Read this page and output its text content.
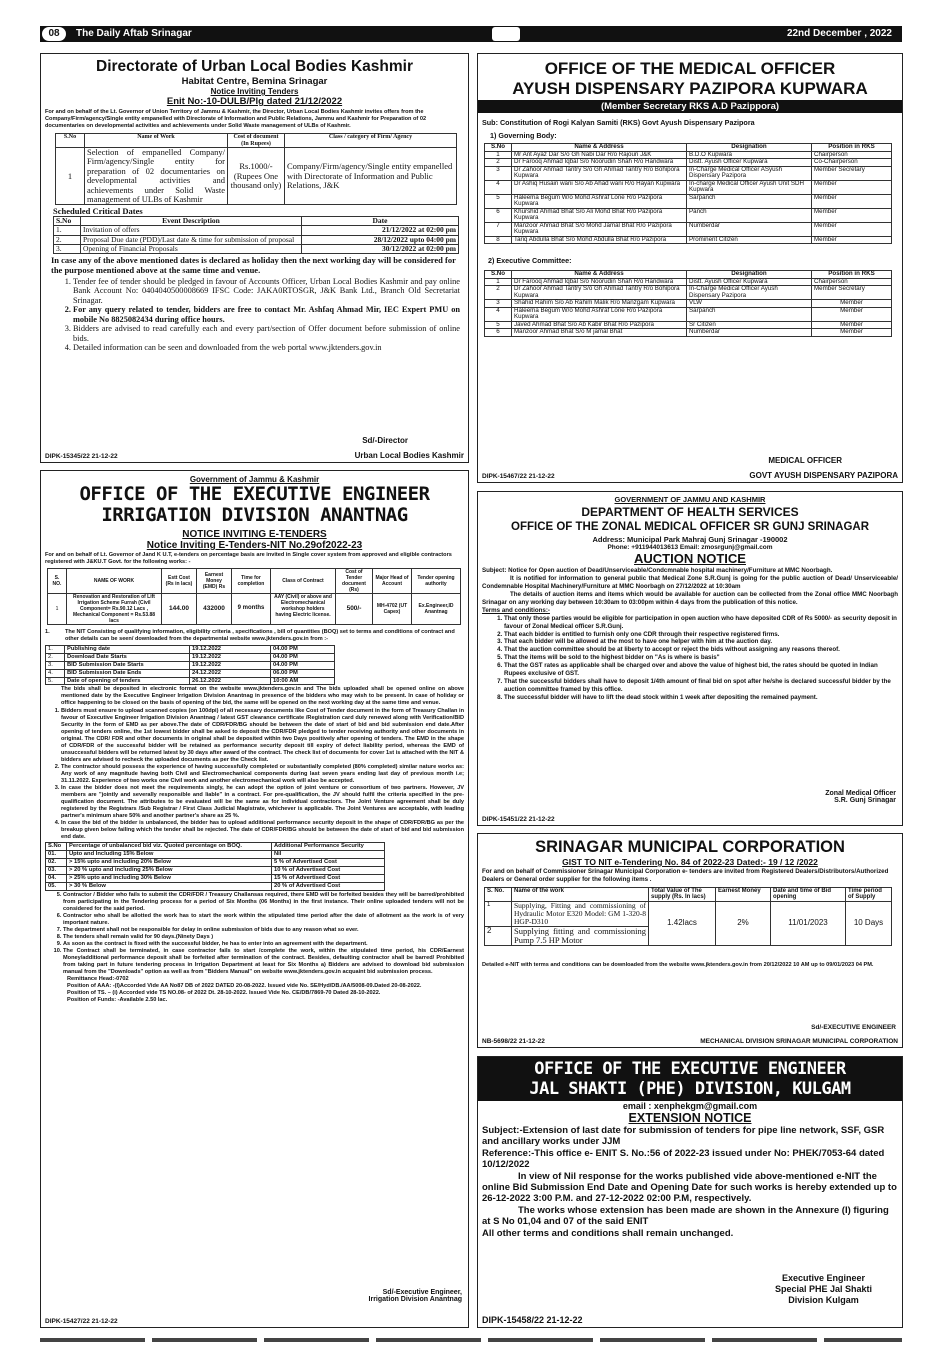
08	The Daily Aftab Srinagar	22nd December , 2022
Directorate of Urban Local Bodies Kashmir
Habitat Centre, Bemina Srinagar
Notice Inviting Tenders
Enit No:-10-DULB/Plg dated 21/12/2022

For and on behalf of the Lt. Governor of Union Territory of Jammu & Kashmir, the Director, Urban Local Bodies Kashmir invites offers from the Company/Firm/agency/Single entity empanelled with Directorate of Information and Public Relations, Jammu and Kashmir for Preparation of 02 documentaries on developmental activities and achievements under Solid Waste management of ULBs of Kashmir.

S.No	Name of Work	Cost of document (In Rupees)	Class / category of Firm/ Agency
1	Selection of empanelled Company/ Firm/agency/Single entity for preparation of 02 documentaries on developmental activities and achievements under Solid Waste management of ULBs of Kashmir	Rs.1000/- (Rupees One thousand only)	Company/Firm/agency/Single entity empanelled with Directorate of Information and Public Relations, J&K
Scheduled Critical Dates
S.No	Event Description	Date
1.	Invitation of offers	21/12/2022 at 02:00 pm
2.	Proposal Due date (PDD)/Last date & time for submission of proposal	28/12/2022 upto 04:00 pm
3.	Opening of Financial Proposals	30/12/2022 at 02:00 pm

In case any of the above mentioned dates is declared as holiday then the next working day will be considered for the purpose mentioned above at the same time and venue.

1. Tender fee of tender should be pledged in favour of Accounts Officer, Urban Local Bodies Kashmir and pay online Bank Account No: 0404040500008669 IFSC Code: JAKA0RTOSGR, J&K Bank Ltd., Branch Old Secretariat Srinagar.
2. For any query related to tender, bidders are free to contact Mr. Ashfaq Ahmad Mir, IEC Expert PMU on mobile No 8825082434 during office hours.
3. Bidders are advised to read carefully each and every part/section of Offer document before submission of online bids.
4. Detailed information can be seen and downloaded from the web portal www.jktenders.gov.in
Sd/-Director
DIPK-15345/22 21-12-22	Urban Local Bodies Kashmir
OFFICE OF THE MEDICAL OFFICER
AYUSH DISPENSARY PAZIPORA KUPWARA
(Member Secretary RKS A.D Pazippora)
Sub: Constitution of Rogi Kalyan Samiti (RKS) Govt Ayush Dispensary Pazipora
1) Governing Body:
S.No	Name & Address	Designation	Position in RKS
1	Mr Ant Ayaz Dar S/o Gh Nabi Dar R/o Rajouri J&K	B.D.O Kupwara	Chairperson
2	Dr Farooq Ahmad Iqbal S/o Noorudin Shah R/o Handwara	Distt. Ayush Officer Kupwara	Co-Chairperson
3	Dr Zahoor Ahmad Tantry S/o Gh Ahmad Tantry R/o Bohipora Kupwara	In-Charge Medical Officer ASyush Dispensary Pazipora	Member Secretary
4	Dr Ashiq Husain wani S/o Ab Ahad wani R/o Hayan Kupwara	In-charge Medical Officer Ayush Unit SDH Kupwara	Member
5	Haleema Begum W/o Mohd Ashraf Lone R/o Pazipora Kupwara	Sarpanch	Member
6	Khurshid Ahmad Bhat S/o Ali Mohd Bhat R/o Pazipora Kupwara	Panch	Member
7	Manzoor Ahmad Bhat S/o Mohd Jamal Bhat R/o Pazipora Kupwara	Numberdar	Member
8	Tariq Abdulla Bhat S/o Mohd Abdulla Bhat R/o Pazipora	Prominent Citizen	Member
2) Executive Committee:
S.No	Name & Address	Designation	Position in RKS
1	Dr Farooq Ahmad Iqbal S/o Noorudin Shah R/o Handwara	Distt. Ayush Officer Kupwara	Chairperson
2	Dr Zahoor Ahmad Tantry S/o Gh Ahmad Tantry R/o Bohipora Kupwara	In-Charge Medical Officer Ayush Dispensary Pazipora	Member Secretary
3	Shahid Rahim S/o Ab Rahim Malik R/o Manzgam Kupwara	VLW	Member
4	Haleema Begum W/o Mohd Ashraf Lone R/o Pazipora Kupwara	Sarpanch	Member
5	Javed Ahmad Bhat S/o Ab Kabir Bhat R/o Pazipora	Sr Citizen	Member
6	Manzoor Ahmad Bhat S/o M jamal Bhat	Numberdar	Member
MEDICAL OFFICER
DIPK-15467/22 21-12-22	GOVT AYUSH DISPENSARY PAZIPORA
Government of Jammu & Kashmir
OFFICE OF THE EXECUTIVE ENGINEER
IRRIGATION DIVISION ANANTNAG
NOTICE INVITING E-TENDERS
Notice Inviting E-Tenders-NIT No.29of2022-23

For and on behalf of Lt. Governor of Jand K U.T, e-tenders on percentage basis are invited in Single cover system from approved and eligible contractors registered with J&KU.T Govt. for the following works: -

S. NO.	NAME OF WORK	Estt Cost (Rs in lacs)	Earnest Money (EMD) Rs	Time for completion	Class of Contract	Cost of Tender document (Rs)	Major Head of Account	Tender opening authority
1	Renovation and Restoration of Lift Irrigation Scheme Furrah (Civil Component= Rs.90.12 Lacs , Mechanical Component = Rs.53.88 lacs	144.00	432000	9 months	AAY (Civil) or above and Electromechanical workshop holders having Electric license.	500/-	MH-4702 (UT Capex)	Ex.Engineer,ID Anantnag
1.	The NIT Consisting of qualifying information, eligibility criteria , specifications , bill of quantities (BOQ) set to terms and conditions of contract and other details can be seen/ downloaded from the departmental website www.jktenders.gov.in from :-
1.	Publishing date	19.12.2022	04.00 PM
2.	Download Date Starts	19.12.2022	04.00 PM
3.	BID Submission Date Starts	19.12.2022	04.00 PM
4.	BID Submission Date Ends	24.12.2022	06.00 PM
5.	Date of opening of tenders	26.12.2022	10:00 AM

The bids shall be deposited in electronic format on the website www.jktenders.gov.in and The bids uploaded shall be opened online on above mentioned date by the Executive Engineer Irrigation Division Anantnag in presence of the bidders who may wish to be present. In case of holiday or office happening to be closed on the basis of opening of the bid, the same will be opened on the next working day at the same time and venue.

1. Bidders must ensure to upload scanned copies (on 100dpi) of all necessary documents like Cost of Tender document in the form of Treasury Challan in favour of Executive Engineer Irrigation Division Anantnag / latest GST clearance certificate /Registration card duly renewed along with Verification/BID Security in the form of EMD as per above.The date of CDR/FDR/BG should be between the date of start of bid and bid submission end date.After opening of tenders online, the 1st lowest bidder shall be asked to deposit the CDR/FDR pledged to tender receiving authority and other documents in original. The CDR/ FDR and other documents in original shall be deposited within two Days positively after opening of tenders. The EMD in the shape of CDR/FDR of the successful bidder will be retained as performance security deposit till expiry of defect liability period, whereas the EMD of unsuccessful bidders will be returned latest by 30 days after award of the contract. The check list of documents for cover 1st is attached with the NIT & bidders are advised to recheck the uploaded documents as per the Check list.
2. The contractor should possess the experience of having successfully completed or substantially completed (80% completed) similar nature works as: Any work of any magnitude having both Civil and Electromechanical components during last seven years ending last day of previous month i.e; 31.11.2022. Experience of two works one Civil work and another electromechanical work will also be accepted.
3. In case the bidder does not meet the requirements singly, he can adopt the option of joint venture or consortium of two partners. However, JV members are "jointly and severally responsible and liable" in a contract. For pre-qualification, the JV should fulfil the criteria specified in the pre-qualification document. The attributes to be evaluated will be the same as for individual contractors. The Joint Venture agreement shall be duly registered by the Registrars /Sub Registrar / First Class Judicial Magistrate, whichever is applicable. The Joint Ventures are acceptable, with leading partner's minimum share 50% and another partner's share as 25 %.
4. In case the bid of the bidder is unbalanced, the bidder has to upload additional performance security deposit in the shape of CDR/FDR/BG as per the breakup given below failing which the tender shall be rejected. The date of CDR/FDR/BG should be between the date of start of bid and bid submission end date.
S.No	Percentage of unbalanced bid viz. Quoted percentage on BOQ.	Additional Performance Security
01.	Upto and Including 15% Below	Nil
02.	> 15% upto and including 20% Below	5 % of Advertised Cost
03.	> 20 % upto and including 25% Below	10 % of Advertised Cost
04.	> 25% upto and including 30% Below	15 % of Advertised Cost
05.	> 30 % Below	20 % of Advertised Cost
5. Contractor / Bidder who fails to submit the CDR/FDR / Treasury Challansas required, there EMD will be forfeited besides they will be barred/prohibited from participating in the Tendering process for a period of Six Months (06 Months) in the first instance. Their online uploaded tenders will not be considered for the said period.
6. Contractor who shall be allotted the work has to start the work within the stipulated time period after the date of allotment as the work is of very important nature.
7. The department shall not be responsible for delay in online submission of bids due to any reason what so ever.
8. The tenders shall remain valid for 90 days.(Ninety Days )
9. As soon as the contract is fixed with the successful bidder, he has to enter into an agreement with the department.
10. The Contract shall be terminated, in case contractor fails to start /complete the work, within the stipulated time period, his CDR/Earnest Money/additional performance deposit shall be forfeited after termination of the contract. Besides, defaulting contractor shall be barred/ Prohibited from taking part in future tendering process in Irrigation Department at least for Six Months a) Bidders are advised to download bid submission manual from the "Downloads" option as well as from "Bidders Manual" on website www.jktenders.gov.in acquaint bid submission process.
Remittance Head:-0702
Position of AAA: -(I)Accorded Vide AA No87 DB of 2022 DATED 20-08-2022. Issued vide No. SE/Hyd/DB./AA/5008-09.Dated 20-08-2022.
Position of TS. – (i) Accorded vide TS NO.08- of 2022 Dt. 28-10-2022. Issued Vide No. CE/DB/7869-70 Dated 28-10-2022.
Position of Funds: -Available 2.50 lac.
Sd/-Executive Engineer,
Irrigation Division Anantnag
DIPK-15427/22 21-12-22
GOVERNMENT OF JAMMU AND KASHMIR
DEPARTMENT OF HEALTH SERVICES
OFFICE OF THE ZONAL MEDICAL OFFICER SR GUNJ SRINAGAR
Address: Municipal Park Mahraj Gunj Srinagar -190002
Phone: +911944013613 Email: zmosrgunj@gmail.com
AUCTION NOTICE

Subject: Notice for Open auction of Dead/Unserviceable/Condcmnable hospital machinery/Furniture at MMC Noorbagh.

It is notified for information to general public that Medical Zone S.R.Gunj is going for the public auction of Dead/ Unserviceable/ Condemnable Hospital Machinery/Furniture at MMC Noorbagh on 27/12/2022 at 10:30am

The details of auction items and items which would be available for auction can be collected from the Zonal office MMC Noorbagh Srinagar on any working day between 10:30am to 03:00pm within 4 days from the publication of this notice.

Terms and conditions:-
1. That only those parties would be eligible for participation in open auction who have deposited CDR of Rs 5000/- as security deposit in favour of Zonal Medical officer S.R.Gunj.
2. That each bidder is entitled to furnish only one CDR through their respective registered firms.
3. That each bidder will be allowed at the most to have one helper with him at the auction day.
4. That the auction committee should be at liberty to accept or reject the bids without assigning any reasons thereof.
5. That the items will be sold to the highest bidder on "As is where is basis"
6. That the GST rates as applicable shall be charged over and above the value of highest bid, the rates should be quoted in Indian Rupees exclusive of GST.
7. That the successful bidders shall have to deposit 1/4th amount of final bid on spot after he/she is declared successful bidder by the auction committee framed by this office.
8. The successful bidder will have to lift the dead stock within 1 week after depositing the remained payment.
Zonal Medical Officer
S.R. Gunj Srinagar
DIPK-15451/22 21-12-22
SRINAGAR MUNICIPAL CORPORATION
GIST TO NIT e-Tendering No. 84 of 2022-23 Dated:- 19 / 12 /2022

For and on behalf of Commissioner Srinagar Municipal Corporation e- tenders are invited from Registered Dealers/Distributors/Authorized Dealers or General order supplier for the following items .

S. No.	Name of the work	Total Value of The supply (Rs. In lacs)	Earnest Money	Date and time of Bid opening	Time period of Supply
1	Supplying, Fitting and commissioning of Hydraulic Motor E320 Model: GM 1-320-8 HGP-D310	1.42lacs	2%	11/01/2023	10 Days
2	Supplying fitting and commissioning Pump 7.5 HP Motor				

Detailed e-NIT with terms and conditions can be downloaded from the website www.jktenders.gov.in from 20/12/2022 10 AM up to 09/01/2023 04 PM.

Sd/-EXECUTIVE ENGINEER
NB-5698/22 21-12-22	MECHANICAL DIVISION SRINAGAR MUNICIPAL CORPORATION
OFFICE OF THE EXECUTIVE ENGINEER
JAL SHAKTI (PHE) DIVISION, KULGAM
email : xenphekgm@gmail.com
EXTENSION NOTICE

Subject:-Extension of last date for submission of tenders for pipe line network, SSF, GSR and ancillary works under JJM

Reference:-This office e- ENIT S. No.:56 of 2022-23 issued under No: PHEK/7053-64 dated 10/12/2022

In view of Nil response for the works published vide above-mentioned e-NIT the online Bid Submission End Date and Opening Date for such works is hereby extended up to 26-12-2022 3:00 P.M. and 27-12-2022 02:00 P.M, respectively.

The works whose extension has been made are shown in the Annexure (I) figuring at S No 01,04 and 07 of the said ENIT

All other terms and conditions shall remain unchanged.

Executive Engineer
Special PHE Jal Shakti
Division Kulgam
DIPK-15458/22 21-12-22
